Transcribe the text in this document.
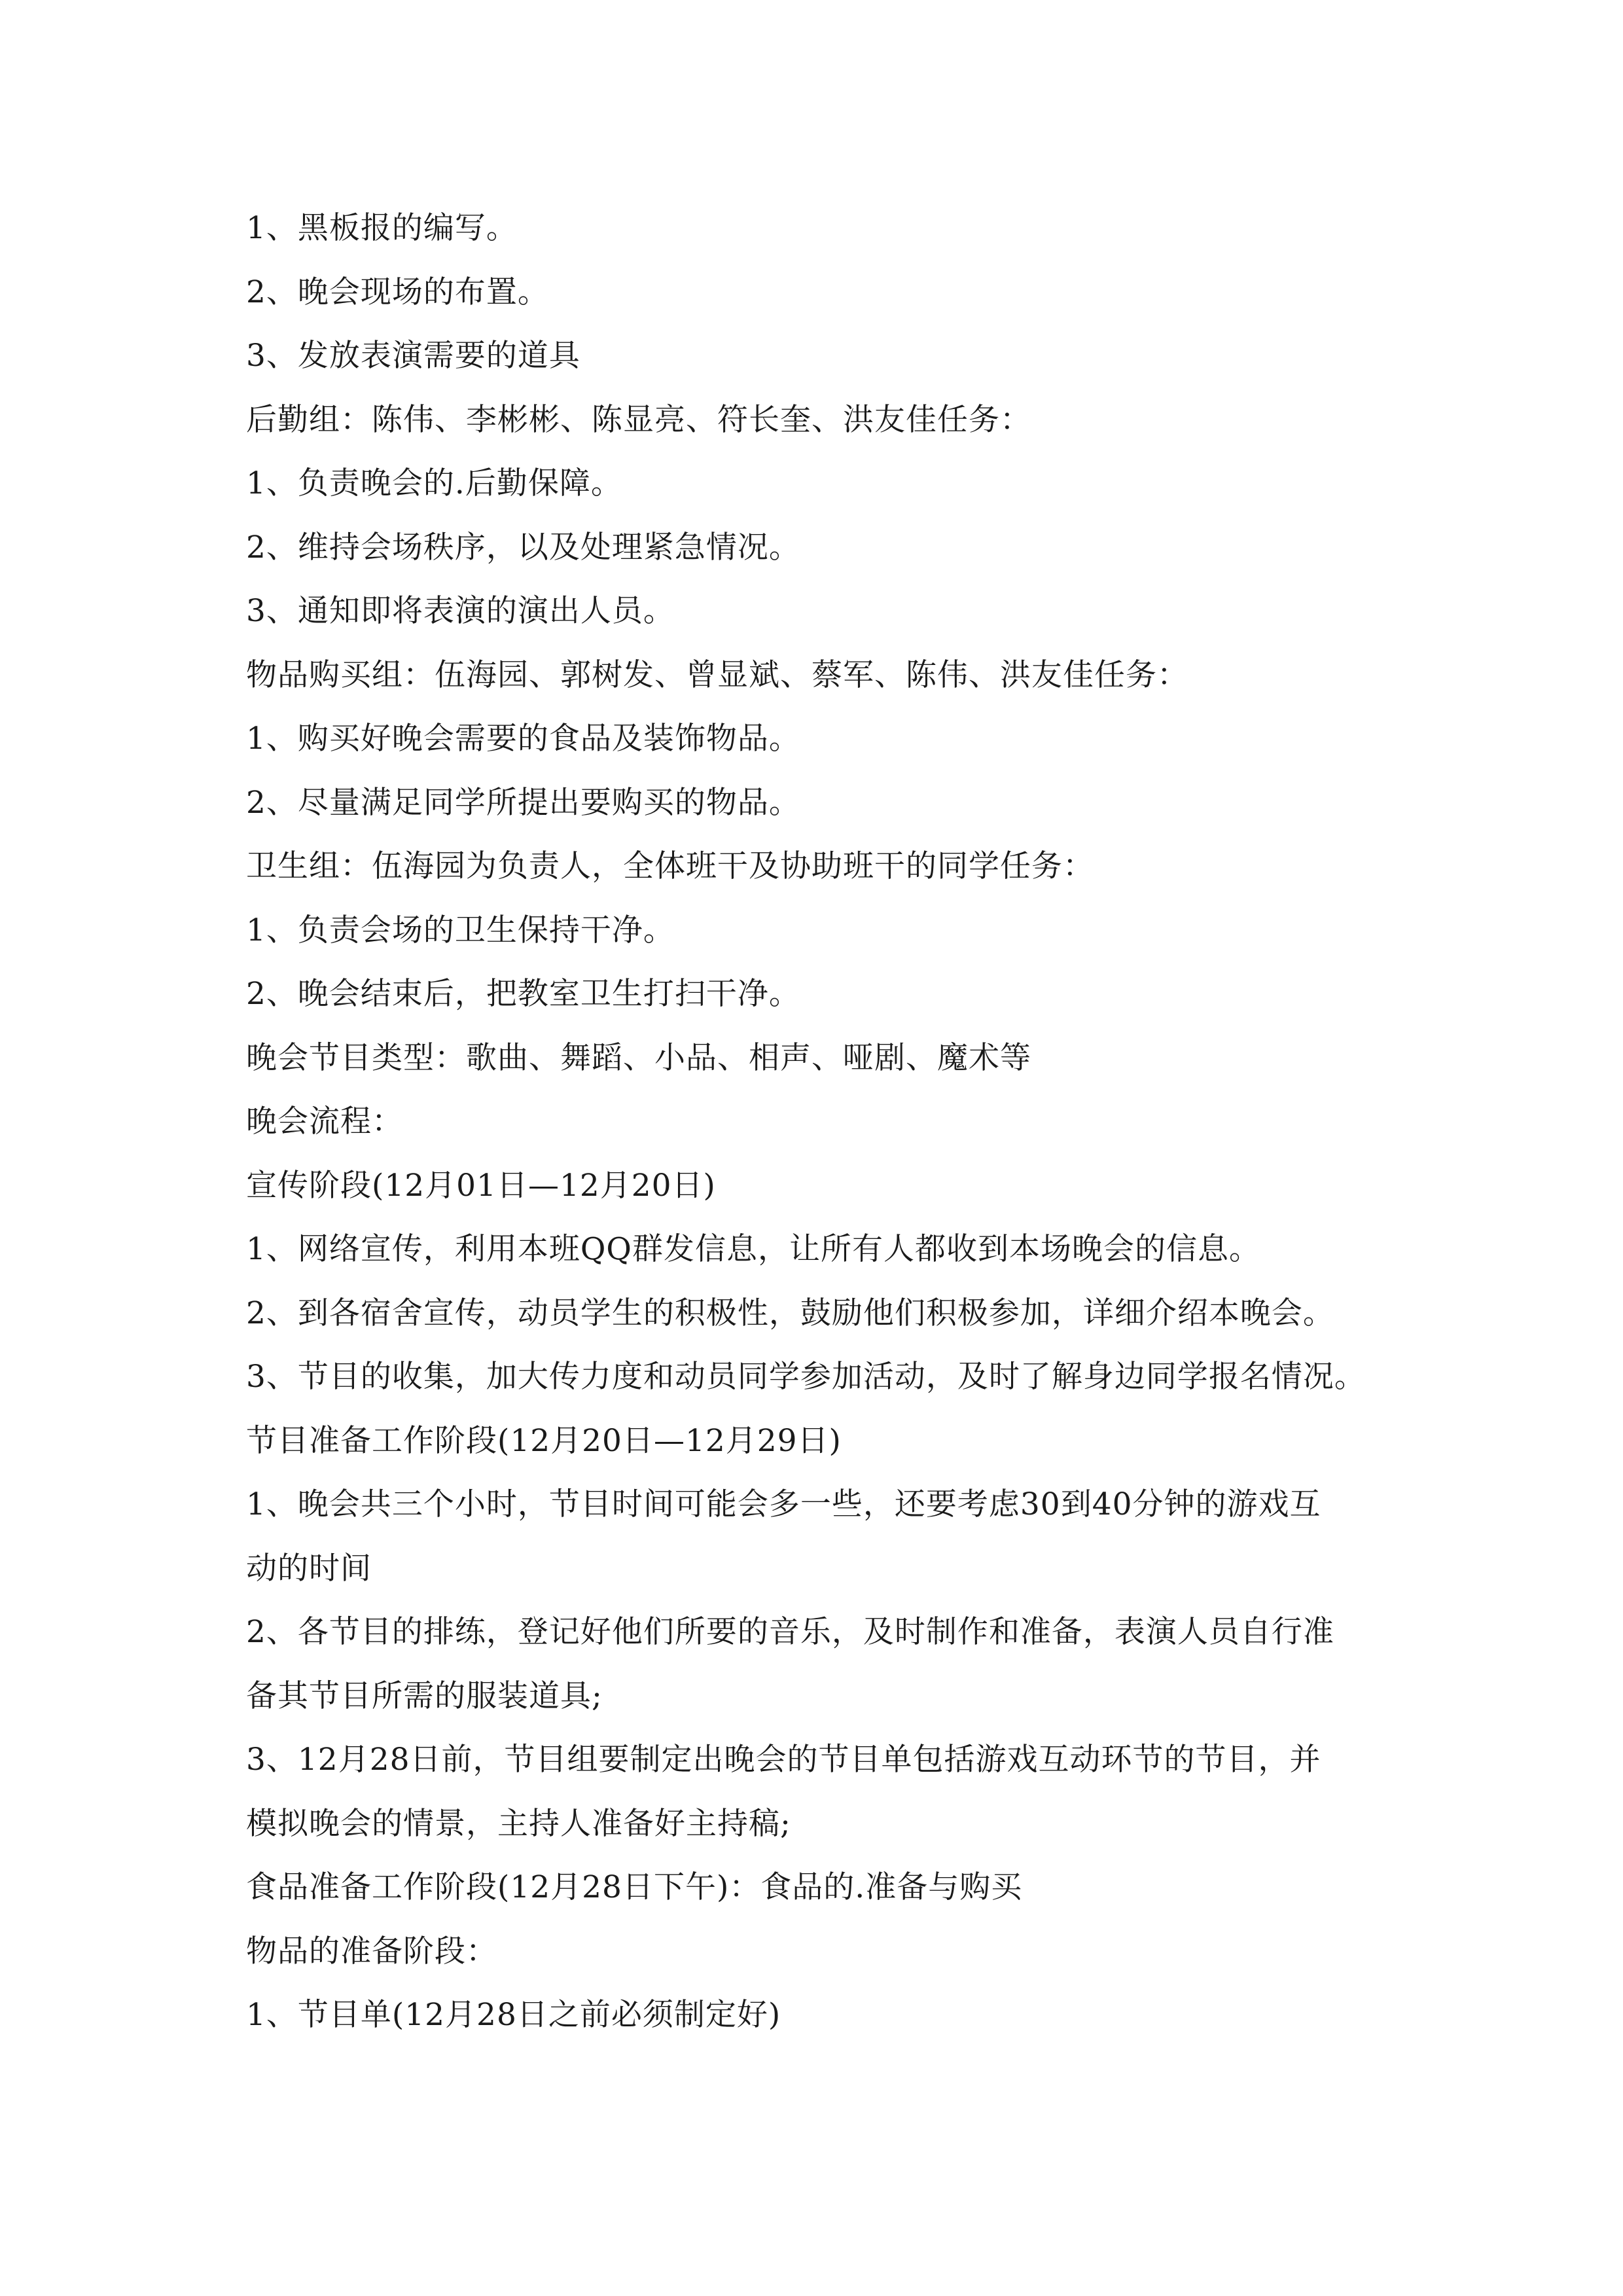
1、黑板报的编写。
2、晚会现场的布置。
3、发放表演需要的道具
后勤组：陈伟、李彬彬、陈显亮、符长奎、洪友佳任务：
1、负责晚会的.后勤保障。
2、维持会场秩序，以及处理紧急情况。
3、通知即将表演的演出人员。
物品购买组：伍海园、郭树发、曾显斌、蔡军、陈伟、洪友佳任务：
1、购买好晚会需要的食品及装饰物品。
2、尽量满足同学所提出要购买的物品。
卫生组：伍海园为负责人，全体班干及协助班干的同学任务：
1、负责会场的卫生保持干净。
2、晚会结束后，把教室卫生打扫干净。
晚会节目类型：歌曲、舞蹈、小品、相声、哑剧、魔术等
晚会流程：
宣传阶段(12月01日—12月20日)
1、网络宣传，利用本班QQ群发信息，让所有人都收到本场晚会的信息。
2、到各宿舍宣传，动员学生的积极性，鼓励他们积极参加，详细介绍本晚会。
3、节目的收集，加大传力度和动员同学参加活动，及时了解身边同学报名情况。
节目准备工作阶段(12月20日—12月29日)
1、晚会共三个小时，节目时间可能会多一些，还要考虑30到40分钟的游戏互
动的时间
2、各节目的排练，登记好他们所要的音乐，及时制作和准备，表演人员自行准
备其节目所需的服装道具;
3、12月28日前，节目组要制定出晚会的节目单包括游戏互动环节的节目，并
模拟晚会的情景，主持人准备好主持稿;
食品准备工作阶段(12月28日下午)：食品的.准备与购买
物品的准备阶段：
1、节目单(12月28日之前必须制定好)
